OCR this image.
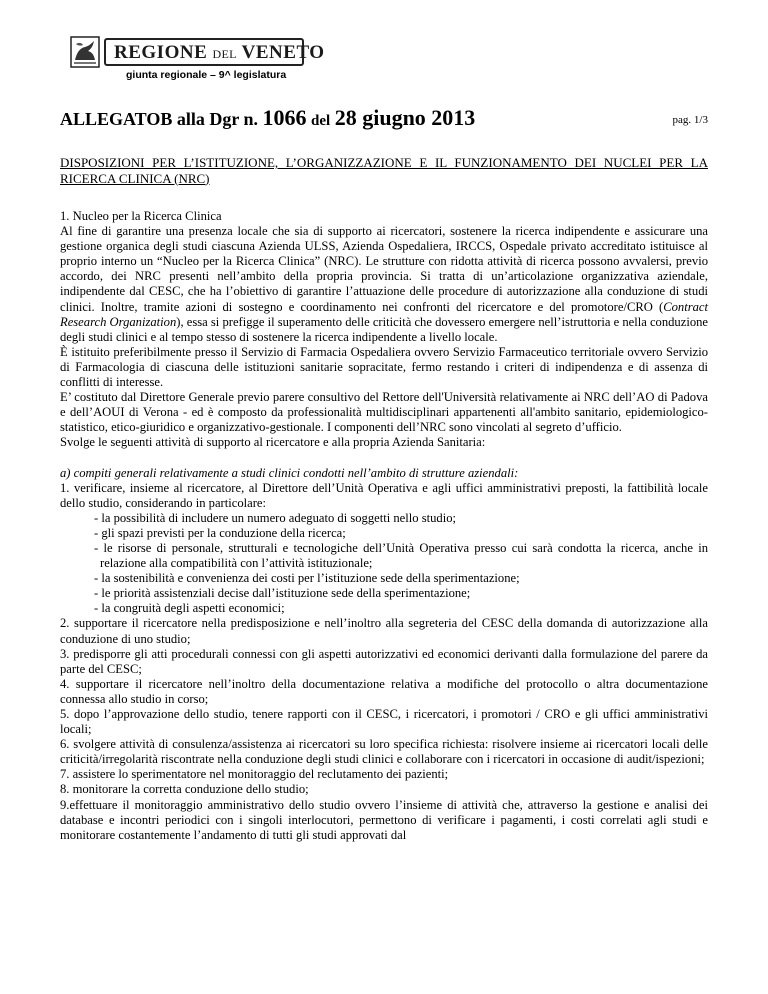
REGIONE DEL VENETO
giunta regionale – 9^ legislatura
ALLEGATOB alla Dgr n. 1066 del 28 giugno 2013	pag. 1/3
DISPOSIZIONI PER L’ISTITUZIONE, L’ORGANIZZAZIONE E IL FUNZIONAMENTO DEI NUCLEI PER LA RICERCA CLINICA (NRC)

1. Nucleo per la Ricerca Clinica

Al fine di garantire una presenza locale che sia di supporto ai ricercatori, sostenere la ricerca indipendente e assicurare una gestione organica degli studi ciascuna Azienda ULSS, Azienda Ospedaliera, IRCCS, Ospedale privato accreditato istituisce al proprio interno un “Nucleo per la Ricerca Clinica” (NRC). Le strutture con ridotta attività di ricerca possono avvalersi, previo accordo, dei NRC presenti nell’ambito della propria provincia. Si tratta di un’articolazione organizzativa aziendale, indipendente dal CESC, che ha l’obiettivo di garantire l’attuazione delle procedure di autorizzazione alla conduzione di studi clinici. Inoltre, tramite azioni di sostegno e coordinamento nei confronti del ricercatore e del promotore/CRO (Contract Research Organization), essa si prefigge il superamento delle criticità che dovessero emergere nell’istruttoria e nella conduzione degli studi clinici e al tempo stesso di sostenere la ricerca indipendente a livello locale.

È istituito preferibilmente presso il Servizio di Farmacia Ospedaliera ovvero Servizio Farmaceutico territoriale ovvero Servizio di Farmacologia di ciascuna delle istituzioni sanitarie sopracitate, fermo restando i criteri di indipendenza e di assenza di conflitti di interesse.

E’ costituto dal Direttore Generale previo parere consultivo del Rettore dell'Università relativamente ai NRC dell’AO di Padova e dell’AOUI di Verona - ed è composto da professionalità multidisciplinari appartenenti all'ambito sanitario, epidemiologico-statistico, etico-giuridico e organizzativo-gestionale. I componenti dell’NRC sono vincolati al segreto d’ufficio.

Svolge le seguenti attività di supporto al ricercatore e alla propria Azienda Sanitaria:

a) compiti generali relativamente a studi clinici condotti nell’ambito di strutture aziendali:

1. verificare, insieme al ricercatore, al Direttore dell’Unità Operativa e agli uffici amministrativi preposti, la fattibilità locale dello studio, considerando in particolare:

- la possibilità di includere un numero adeguato di soggetti nello studio;

- gli spazi previsti per la conduzione della ricerca;

- le risorse di personale, strutturali e tecnologiche dell’Unità Operativa presso cui sarà condotta la ricerca, anche in relazione alla compatibilità con l’attività istituzionale;

- la sostenibilità e convenienza dei costi per l’istituzione sede della sperimentazione;

- le priorità assistenziali decise dall’istituzione sede della sperimentazione;

- la congruità degli aspetti economici;

2. supportare il ricercatore nella predisposizione e nell’inoltro alla segreteria del CESC della domanda di autorizzazione alla conduzione di uno studio;

3. predisporre gli atti procedurali connessi con gli aspetti autorizzativi ed economici derivanti dalla formulazione del parere da parte del CESC;

4. supportare il ricercatore nell’inoltro della documentazione relativa a modifiche del protocollo o altra documentazione connessa allo studio in corso;

5. dopo l’approvazione dello studio, tenere rapporti con il CESC, i ricercatori, i promotori / CRO e gli uffici amministrativi locali;

6. svolgere attività di consulenza/assistenza ai ricercatori su loro specifica richiesta: risolvere insieme ai ricercatori locali delle criticità/irregolarità riscontrate nella conduzione degli studi clinici e collaborare con i ricercatori in occasione di audit/ispezioni;

7. assistere lo sperimentatore nel monitoraggio del reclutamento dei pazienti;

8. monitorare la corretta conduzione dello studio;

9.effettuare il monitoraggio amministrativo dello studio ovvero l’insieme di attività che, attraverso la gestione e analisi dei database e incontri periodici con i singoli interlocutori, permettono di verificare i pagamenti, i costi correlati agli studi e monitorare costantemente l’andamento di tutti gli studi approvati dal
